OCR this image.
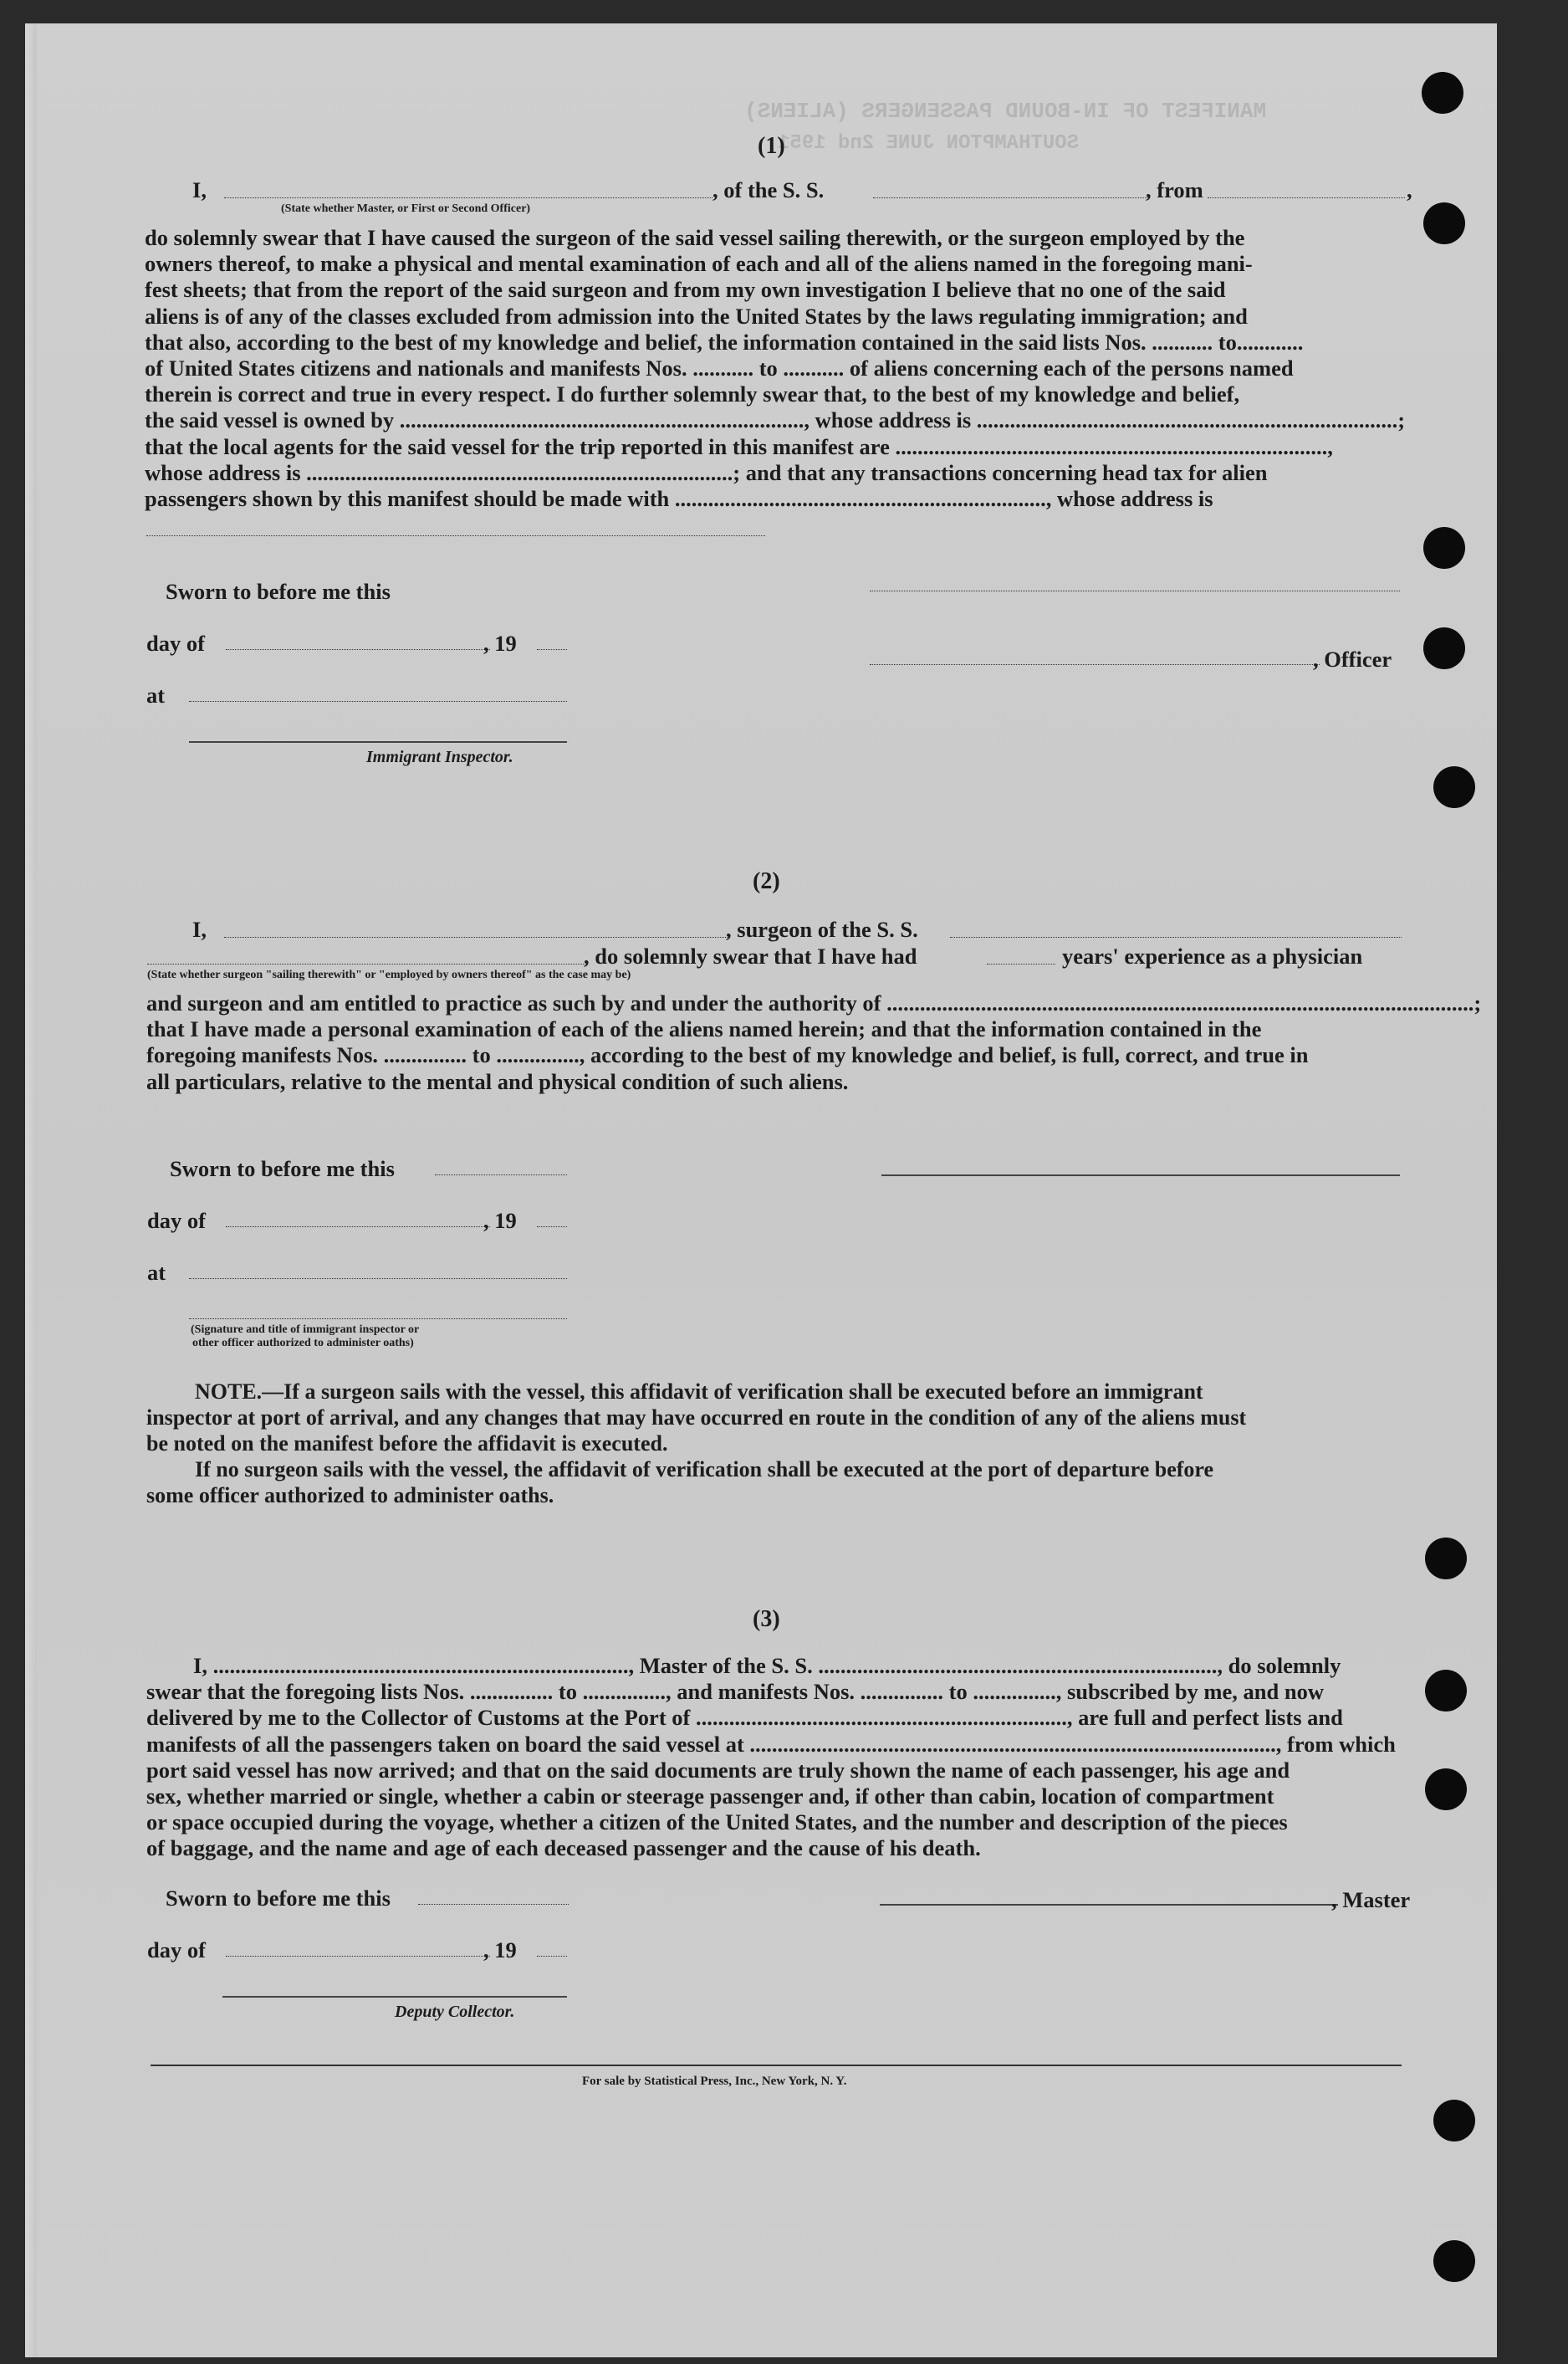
MANIFEST OF IN-BOUND PASSENGERS (ALIENS)
SOUTHAMPTON JUNE 2nd 1951
(1)
I,
(State whether Master, or First or Second Officer)
, of the S. S.	, from	,
do solemnly swear that I have caused the surgeon of the said vessel sailing therewith, or the surgeon employed by the
owners thereof, to make a physical and mental examination of each and all of the aliens named in the foregoing mani-
fest sheets; that from the report of the said surgeon and from my own investigation I believe that no one of the said
aliens is of any of the classes excluded from admission into the United States by the laws regulating immigration; and
that also, according to the best of my knowledge and belief, the information contained in the said lists Nos. ........... to............
of United States citizens and nationals and manifests Nos. ........... to ........... of aliens concerning each of the persons named
therein is correct and true in every respect. I do further solemnly swear that, to the best of my knowledge and belief,
the said vessel is owned by ........................................................................., whose address is ............................................................................;
that the local agents for the said vessel for the trip reported in this manifest are ..............................................................................,
whose address is .............................................................................; and that any transactions concerning head tax for alien
passengers shown by this manifest should be made with ..................................................................., whose address is
Sworn to before me this
day of	, 19
at
Immigrant Inspector.
, Officer
(2)
I,	, surgeon of the S. S.
, do solemnly swear that I have had	years' experience as a physician
(State whether surgeon "sailing therewith" or "employed by owners thereof" as the case may be)
and surgeon and am entitled to practice as such by and under the authority of ..........................................................................................................;
that I have made a personal examination of each of the aliens named herein; and that the information contained in the
foregoing manifests Nos. ............... to ..............., according to the best of my knowledge and belief, is full, correct, and true in
all particulars, relative to the mental and physical condition of such aliens.
Sworn to before me this
day of	, 19
at
(Signature and title of immigrant inspector or
other officer authorized to administer oaths)
NOTE.—If a surgeon sails with the vessel, this affidavit of verification shall be executed before an immigrant
inspector at port of arrival, and any changes that may have occurred en route in the condition of any of the aliens must
be noted on the manifest before the affidavit is executed.
If no surgeon sails with the vessel, the affidavit of verification shall be executed at the port of departure before
some officer authorized to administer oaths.
(3)
I, ..........................................................................., Master of the S. S. ........................................................................, do solemnly
swear that the foregoing lists Nos. ............... to ..............., and manifests Nos. ............... to ..............., subscribed by me, and now
delivered by me to the Collector of Customs at the Port of ..................................................................., are full and perfect lists and
manifests of all the passengers taken on board the said vessel at ..............................................................................................., from which
port said vessel has now arrived; and that on the said documents are truly shown the name of each passenger, his age and
sex, whether married or single, whether a cabin or steerage passenger and, if other than cabin, location of compartment
or space occupied during the voyage, whether a citizen of the United States, and the number and description of the pieces
of baggage, and the name and age of each deceased passenger and the cause of his death.
Sworn to before me this	, Master
day of	, 19
Deputy Collector.
For sale by Statistical Press, Inc., New York, N. Y.
